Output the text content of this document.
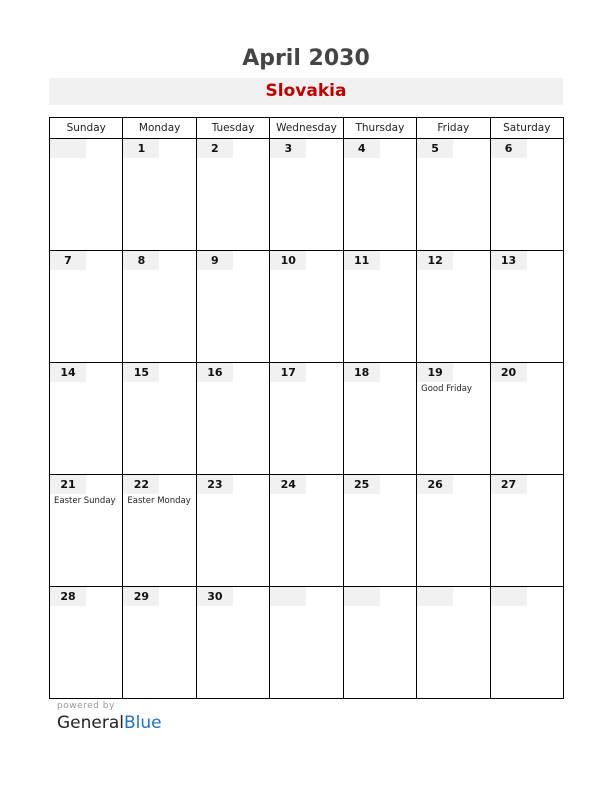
April 2030
Slovakia
Sunday	Monday	Tuesday	Wednesday	Thursday	Friday	Saturday

1	2	3	4	5	6

7	8	9	10	11	12	13

14	15	16	17	18	19
Good Friday

20

21
Easter Sunday

22
Easter Monday

23	24	25	26	27

28	29	30

powered by
GeneralBlue
